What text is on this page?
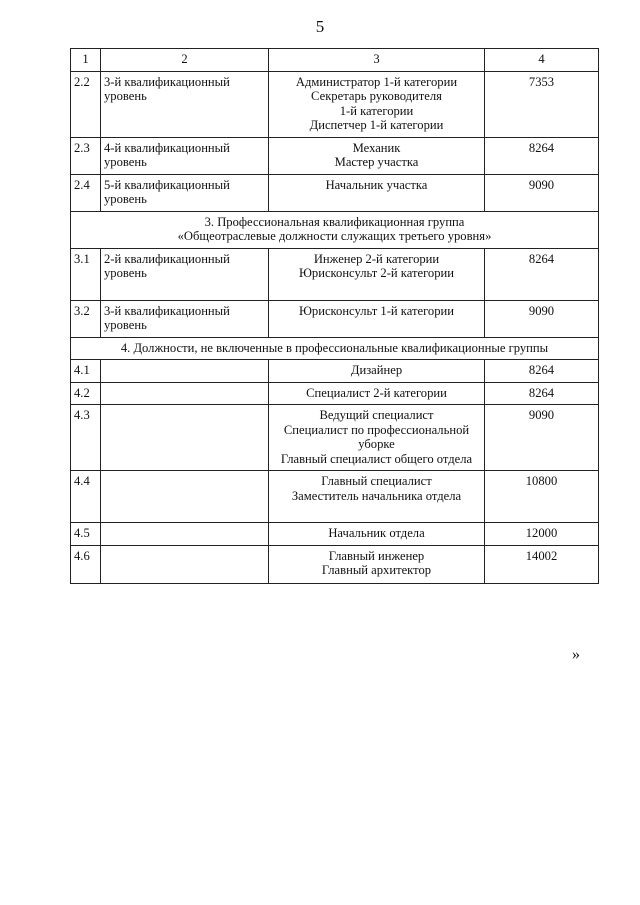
5
1	2	3	4
2.2	3-й квалификационный уровень	Администратор 1-й категории
Секретарь руководителя
1-й категории
Диспетчер 1-й категории	7353
2.3	4-й квалификационный уровень	Механик
Мастер участка	8264
2.4	5-й квалификационный уровень	Начальник участка	9090

3. Профессиональная квалификационная группа
«Общеотраслевые должности служащих третьего уровня»			

3.1	2-й квалификационный уровень	Инженер 2-й категории
Юрисконсульт 2-й категории	8264
3.2	3-й квалификационный уровень	Юрисконсульт 1-й категории	9090

4. Должности, не включенные в профессиональные квалификационные группы			

4.1		Дизайнер	8264
4.2		Специалист 2-й категории	8264
4.3		Ведущий специалист
Специалист по профессиональной
уборке
Главный специалист общего отдела	9090
4.4		Главный специалист
Заместитель начальника отдела	10800
4.5		Начальник отдела	12000
4.6		Главный инженер
Главный архитектор	14002
»
